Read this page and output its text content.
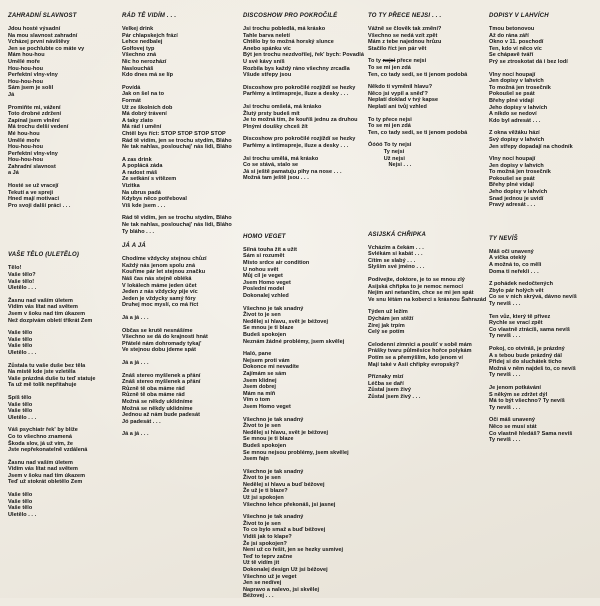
ZAHRADNÍ SLAVNOST

Jdou hosté výsadní
Na mou slavnost zahradní
Vcházej první návštěvy
Jen se pochlubte co máte vy
Mám hou-hou
Umělé moře
Hou-hou-hou
Perfektní vlny-vlny
Hou-hou-hou
Sám jsem je solil
Já

Promiňte mi, vážení
Toto drobné zdržení
Zapínal jsem vlnění
Má trochu delší vedení
Mé hou-hou
Umělé moře
Hou-hou-hou
Perfektní vlny-vlny
Hou-hou-hou
Zahradní slavnost
a Já

Hosté se už vracejí
Tekutí a ve spreji
Hned mají motivaci
Pro svoji další práci . . .

VAŠE TĚLO (ULETĚLO)

Tělo!
Vaše tělo?
Vaše tělo!
Uletělo . . .

Žasnu nad vaším úletem
Vidím vás lítat nad světem
Jsem v šoku nad tím úkazem
Než dozpívám obletí třikrát Zem

Vaše tělo
Vaše tělo
Vaše tělo
Uletělo . . .

Zůstala tu vaše duše bez těla
Na místě kde jste vzletěla
Vaše prázdná duše tu teď statuje
Ta už mě tolik nepřitahuje

Spíš tělo
Vaše tělo
Vaše tělo
Uletělo . . .

Váš psychiatr řek' by blíže
Co to všechno znamená
Škoda slov, já už vím, že
Jste nepřekonatelně vzdálená

Žasnu nad vaším úletem
Vidím vás lítat nad světem
Jsem v šoku nad tím úkazem
Teď už stokrát obletělo Zem

Vaše tělo
Vaše tělo
Vaše tělo
Uletělo . . .

RÁD TĚ VIDÍM . . .

Velkej drink
Pár chlapskejch frází
Lehce nedbalej
Golfovej typ
Všechno zná
Nic ho nerozhází
Nasloucháš
Kdo dnes má se líp

Povídá
Jak on šel na to
Formát
Už ze školních dob
Má dobrý trávení
A taky zlato
Má rád i umění
Chtěl bys říct: STOP STOP STOP STOP
Rád tě vidím, jen se trochu stydím, Bláho
Ne tak nahlas, poslouchaj' nás lidi, Bláho

A zas drink
A poplácá záda
A radost máš
Ze setkání s vítězem
Vizitka
Na ubrus padá
Kdybys něco potřeboval
Víš kde jsem . . .

Rád tě vidím, jen se trochu stydím, Bláho
Ne tak nahlas, poslouchaj' nás lidi, Bláho
Ty bláho . . .

JÁ A JÁ

Chodíme vždycky stejnou chůzí
Každý nás jenom spolu zná
Kouříme pár let stejnou značku
Náš čas nás stejně obléká
V lokálech máme jeden účet
Jeden z nás vždycky pije víc
Jeden je vždycky samý fóry
Druhej moc myslí, co má říct

Já a já . . .

Občas se krutě nesnášíme
Všechno se dá do krajnosti hnát
Přátelé nám dohromady tykaj'
Ve stejnou dobu jdeme spát

Já a já . . .

Znáš stereo myšlenek a přání
Znáš stereo myšlenek a přání
Různě tě oba máme rád
Různě tě oba máme rád
Možná se někdy uklidníme
Možná se někdy uklidníme
Jednou až nám bude padesát
Jó padesát . . .

Já a já . . .

DISCOSHOW PRO POKROČILÉ

Jsi trochu pobledlá, má krásko
Tahle barva neletí
Chtělo by to možná horský slunce
Anebo spánku víc
Být jen trochu nezdvořilej, řek' bych: Povadlá
U své kávy sníš
Rozbila bys každý ráno všechny zrcadla
Všude střepy jsou

Discoshow pro pokročilé rozjíždí se hezky
Parfémy a intimspreje, iluze a desky . . .

Jsi trochu omšelá, má krásko
Žlutý prsty budeš mít
Je to možná tím, že kouříš jednu za druhou
Plnými doušky chceš žít

Discoshow pro pokročilé rozjíždí se hezky
Parfémy a intimspreje, iluze a desky . . .

Jsi trochu umělá, má krásko
Co se stává, stalo se
Já si ještě pamatuju pihy na nose . . .
Možná tam ještě jsou . . .

HOMO VEGET

Silná touha žít a užít
Sám si rozumět
Místo srdce air condition
U nohou svět
Můj cíl je veget
Jsem Homo veget
Poslední model
Dokonalej vzhled

Všechno je tak snadný
Život to je sen
Nedělej si hlavu, svět je béžovej
Se mnou je ti blaze
Budeš spokojen
Neznám žádné problémy, jsem skvělej

Haló, pane
Nejsem proti vám
Dokonce mi nevadíte
Zajímám se sám
Jsem klidnej
Jsem dobrej
Mám na míň
Vím o tom
Jsem Homo veget

Všechno je tak snadný
Život to je sen
Nedělej si hlavu, svět je béžovej
Se mnou je ti blaze
Budeš spokojen
Se mnou nejsou problémy, jsem skvělej
Jsem fajn

Všechno je tak snadný
Život to je sen
Nedělej si hlavu a buď béžovej
Že už je ti blaze?
Už jsi spokojen
Všechno lehce překonáš, jsi jasnej

Všechno je tak snadný
Život to je sen
To co bylo smaž a buď béžovej
Vidíš jak to klape?
Že jsi spokojen?
Není už co řešit, jen se hezky usmívej
Teď to teprv začne
Už tě vidím jít
Dokonalej design Už jsi béžovej
Všechno už je veget
Jen se nedívej
Napravo a nalevo, jsi skvělej
Béžovej . . .

TO TY PŘECE NEJSI . . .

Vážně se člověk tak změní?
Všechno se nedá vzít zpět
Mám z tebe najednou hrůzu
Stačilo říct jen pár vět

To ty nejsi přece nejsi
To se mi jen zdá
Ten, co tady sedí, se ti jenom podobá

Někdo ti vyměnil hlavu?
Něco jsi vypil a sněd'?
Neplatí doklad v tvý kapse
Neplatí ani tvůj vzhled

To ty přece nejsi
To se mi jen zdá
Ten, co tady sedí, se ti jenom podobá

Óóóó To ty nejsi
Ty nejsi
Už nejsi
Nejsi . . .

ASIJSKÁ CHŘIPKA

Vcházím a čekám . . .
Svlékám si kabát . . .
Cítím se slabý . . .
Slyším své jméno . . .

Podívejte, doktore, je to se mnou zlý
Asijská chřipka to je nemoc nemocí
Nejím ani netančím, chce se mi jen spát
Ve snu létám na koberci s krásnou Šahrazád

Týden už ležím
Dýchám jen stěží
Zírej jak trpím
Celý se potím

Celodenní zimnici a poušť v sobě mám
Prášky tvaru půlměsíce hořce polykám
Potím se a přemýšlím, kdo jenom ví
Mají také v Asii chřipky evropský?

Příznaky mizí
Léčba se daří
Zůstal jsem živý
Zůstal jsem živý . . .

DOPISY V LAHVÍCH

Tmou betonovou
Až do rána září
Okno v 11. poschodí
Ten, kdo ví něco víc
Se chápavě tváří
Prý se ztroskotat dá i bez lodí

Vlny nocí houpají
Jen dopisy v lahvích
To možná jen trosečník
Pokoušel se psát
Břehy plné vídají
Jeho dopisy v lahvích
A nikdo se nedoví
Kdo byl adresát . . .

Z okna věžáku hází
Svý dopisy v lahvích
Jen střepy dopadají na chodník

Vlny nocí houpají
Jen dopisy v lahvích
To možná jen trosečník
Pokoušel se psát
Břehy plné vídají
Jeho dopisy v lahvích
Snad jednou je uvidí
Pravý adresát . . .

TY NEVÍŠ

Máš oči unavený
A víčka oteklý
A možná to, co měli
Doma ti neřekli . . .

Z pohádek nedočtených
Zbylo pár holých vět
Co se v nich skrývá, dávno nevíš
Ty nevíš . . .

Ten vůz, který tě přivez
Rychle se vrací zpět
Co vlastně ztrácíš, sama nevíš
Ty nevíš . . .

Pokoj, co otvíráš, je prázdný
A s tebou bude prázdný dál
Přidej si do sluchátek ticho
Možná v něm najdeš to, co nevíš
Ty nevíš . . .

Je jenom potkávání
S někým se zdržet dýl
Má to být všechno? Ty nevíš
Ty nevíš . . .

Oči máš unavený
Něco se musí stát
Co vlastně hledáš? Sama nevíš
Ty nevíš . . .
